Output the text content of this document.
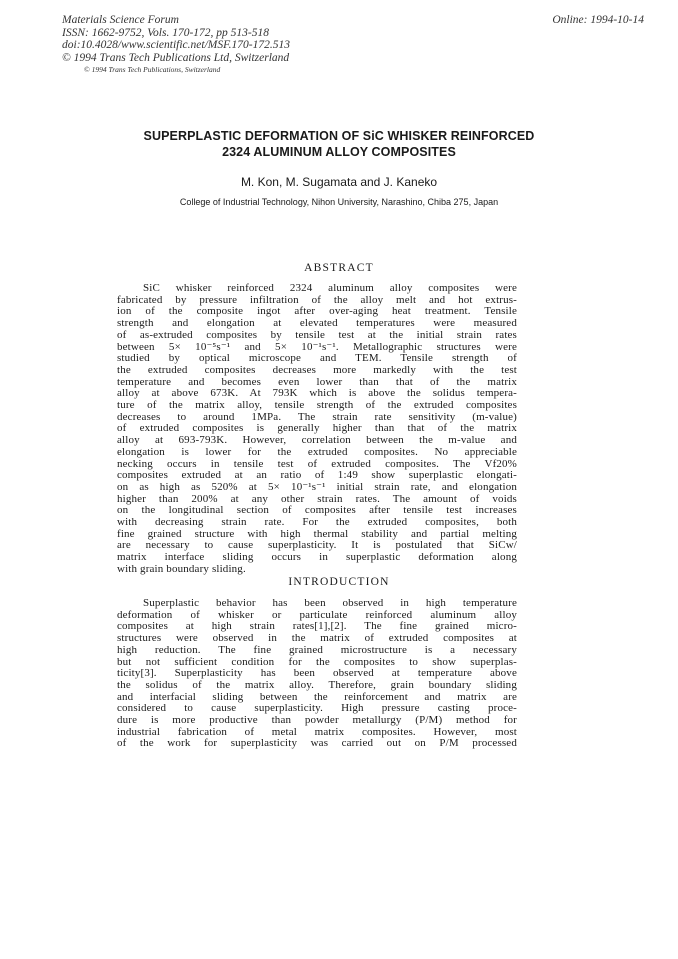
Materials Science Forum
ISSN: 1662-9752, Vols. 170-172, pp 513-518
doi:10.4028/www.scientific.net/MSF.170-172.513
© 1994 Trans Tech Publications Ltd, Switzerland
© 1994 Trans Tech Publications, Switzerland
Online: 1994-10-14
SUPERPLASTIC DEFORMATION OF SiC WHISKER REINFORCED
2324 ALUMINUM ALLOY COMPOSITES
M. Kon, M. Sugamata and J. Kaneko
College of Industrial Technology, Nihon University, Narashino, Chiba 275, Japan
ABSTRACT
SiC whisker reinforced 2324 aluminum alloy composites were
fabricated by pressure infiltration of the alloy melt and hot extrus-
ion of the composite ingot after over-aging heat treatment. Tensile
strength and elongation at elevated temperatures were measured
of as-extruded composites by tensile test at the initial strain rates
between 5× 10⁻⁵s⁻¹ and 5× 10⁻¹s⁻¹. Metallographic structures were
studied by optical microscope and TEM. Tensile strength of
the extruded composites decreases more markedly with the test
temperature and becomes even lower than that of the matrix
alloy at above 673K. At 793K which is above the solidus tempera-
ture of the matrix alloy, tensile strength of the extruded composites
decreases to around 1MPa. The strain rate sensitivity (m-value)
of extruded composites is generally higher than that of the matrix
alloy at 693-793K. However, correlation between the m-value and
elongation is lower for the extruded composites. No appreciable
necking occurs in tensile test of extruded composites. The Vf20%
composites extruded at an ratio of 1:49 show superplastic elongati-
on as high as 520% at 5× 10⁻¹s⁻¹ initial strain rate, and elongation
higher than 200% at any other strain rates. The amount of voids
on the longitudinal section of composites after tensile test increases
with decreasing strain rate. For the extruded composites, both
fine grained structure with high thermal stability and partial melting
are necessary to cause superplasticity. It is postulated that SiCw/
matrix interface sliding occurs in superplastic deformation along
with grain boundary sliding.
INTRODUCTION
Superplastic behavior has been observed in high temperature
deformation of whisker or particulate reinforced aluminum alloy
composites at high strain rates[1],[2]. The fine grained micro-
structures were observed in the matrix of extruded composites at
high reduction. The fine grained microstructure is a necessary
but not sufficient condition for the composites to show superplas-
ticity[3]. Superplasticity has been observed at temperature above
the solidus of the matrix alloy. Therefore, grain boundary sliding
and interfacial sliding between the reinforcement and matrix are
considered to cause superplasticity. High pressure casting proce-
dure is more productive than powder metallurgy (P/M) method for
industrial fabrication of metal matrix composites. However, most
of the work for superplasticity was carried out on P/M processed
